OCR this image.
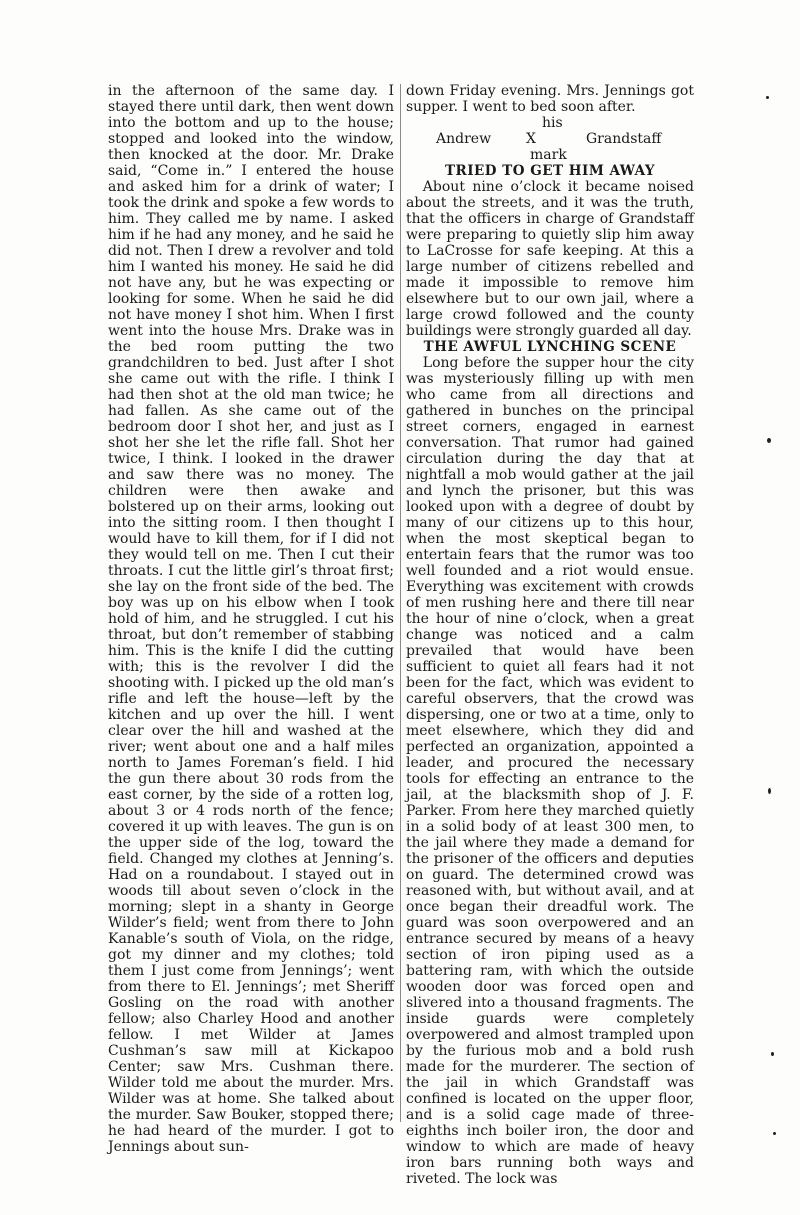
in the afternoon of the same day. I stayed there until dark, then went down into the bottom and up to the house; stopped and looked into the window, then knocked at the door. Mr. Drake said, “Come in.” I entered the house and asked him for a drink of water; I took the drink and spoke a few words to him. They called me by name. I asked him if he had any money, and he said he did not. Then I drew a revolver and told him I wanted his money. He said he did not have any, but he was expecting or looking for some. When he said he did not have money I shot him. When I first went into the house Mrs. Drake was in the bed room putting the two grandchildren to bed. Just after I shot she came out with the rifle. I think I had then shot at the old man twice; he had fallen. As she came out of the bedroom door I shot her, and just as I shot her she let the rifle fall. Shot her twice, I think. I looked in the drawer and saw there was no money. The children were then awake and bolstered up on their arms, looking out into the sitting room. I then thought I would have to kill them, for if I did not they would tell on me. Then I cut their throats. I cut the little girl’s throat first; she lay on the front side of the bed. The boy was up on his elbow when I took hold of him, and he struggled. I cut his throat, but don’t remember of stabbing him. This is the knife I did the cutting with; this is the revolver I did the shooting with. I picked up the old man’s rifle and left the house—left by the kitchen and up over the hill. I went clear over the hill and washed at the river; went about one and a half miles north to James Foreman’s field. I hid the gun there about 30 rods from the east corner, by the side of a rotten log, about 3 or 4 rods north of the fence; covered it up with leaves. The gun is on the upper side of the log, toward the field. Changed my clothes at Jenning’s. Had on a roundabout. I stayed out in woods till about seven o’clock in the morning; slept in a shanty in George Wilder’s field; went from there to John Kanable’s south of Viola, on the ridge, got my dinner and my clothes; told them I just come from Jennings’; went from there to El. Jennings’; met Sheriff Gosling on the road with another fellow; also Charley Hood and another fellow. I met Wilder at James Cushman’s saw mill at Kickapoo Center; saw Mrs. Cushman there. Wilder told me about the murder. Mrs. Wilder was at home. She talked about the murder. Saw Bouker, stopped there; he had heard of the murder. I got to Jennings about sun-

down Friday evening. Mrs. Jennings got supper. I went to bed soon after.

his
Andrew X	Grandstaff
mark
TRIED TO GET HIM AWAY

About nine o’clock it became noised about the streets, and it was the truth, that the officers in charge of Grandstaff were preparing to quietly slip him away to LaCrosse for safe keeping. At this a large number of citizens rebelled and made it impossible to remove him elsewhere but to our own jail, where a large crowd followed and the county buildings were strongly guarded all day.

THE AWFUL LYNCHING SCENE

Long before the supper hour the city was mysteriously filling up with men who came from all directions and gathered in bunches on the principal street corners, engaged in earnest conversation. That rumor had gained circulation during the day that at nightfall a mob would gather at the jail and lynch the prisoner, but this was looked upon with a degree of doubt by many of our citizens up to this hour, when the most skeptical began to entertain fears that the rumor was too well founded and a riot would ensue. Everything was excitement with crowds of men rushing here and there till near the hour of nine o’clock, when a great change was noticed and a calm prevailed that would have been sufficient to quiet all fears had it not been for the fact, which was evident to careful observers, that the crowd was dispersing, one or two at a time, only to meet elsewhere, which they did and perfected an organization, appointed a leader, and procured the necessary tools for effecting an entrance to the jail, at the blacksmith shop of J. F. Parker. From here they marched quietly in a solid body of at least 300 men, to the jail where they made a demand for the prisoner of the officers and deputies on guard. The determined crowd was reasoned with, but without avail, and at once began their dreadful work. The guard was soon overpowered and an entrance secured by means of a heavy section of iron piping used as a battering ram, with which the outside wooden door was forced open and slivered into a thousand fragments. The inside guards were completely overpowered and almost trampled upon by the furious mob and a bold rush made for the murderer. The section of the jail in which Grandstaff was confined is located on the upper floor, and is a solid cage made of three-eighths inch boiler iron, the door and window to which are made of heavy iron bars running both ways and riveted. The lock was
